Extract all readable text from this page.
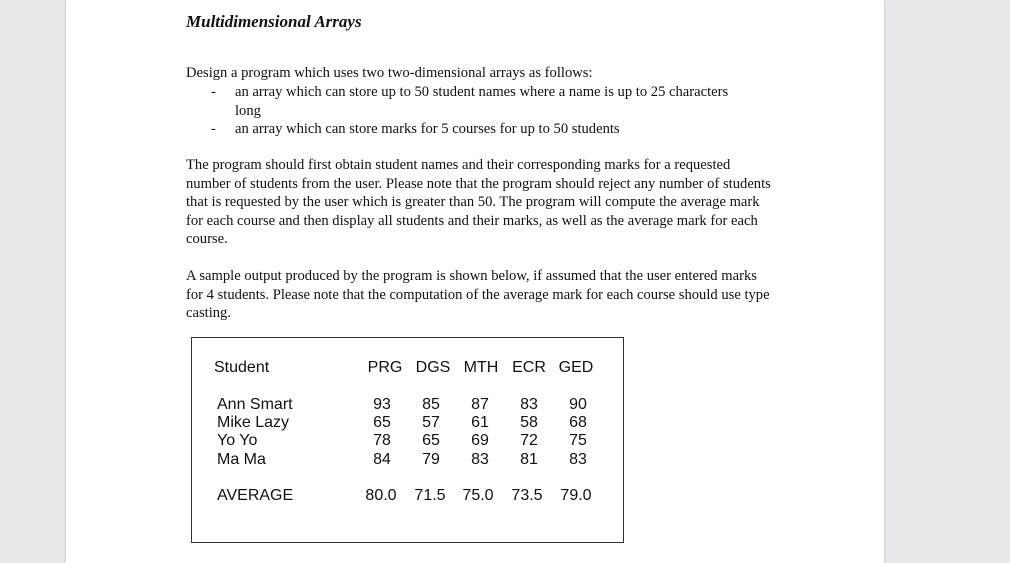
Multidimensional Arrays

Design a program which uses two two-dimensional arrays as follows:

- an array which can store up to 50 student names where a name is up to 25 characters long
- an array which can store marks for 5 courses for up to 50 students

The program should first obtain student names and their corresponding marks for a requested number of students from the user. Please note that the program should reject any number of students that is requested by the user which is greater than 50. The program will compute the average mark for each course and then display all students and their marks, as well as the average mark for each course.

A sample output produced by the program is shown below, if assumed that the user entered marks for 4 students. Please note that the computation of the average mark for each course should use type casting.

Student	PRG DGS MTH ECR GED
Ann Smart	93	85	87	83	90
Mike Lazy	65	57	61	58	68
Yo Yo	78	65	69	72	75
Ma Ma	84	79	83	81	83
AVERAGE	80.0 71.5 75.0 73.5 79.0
